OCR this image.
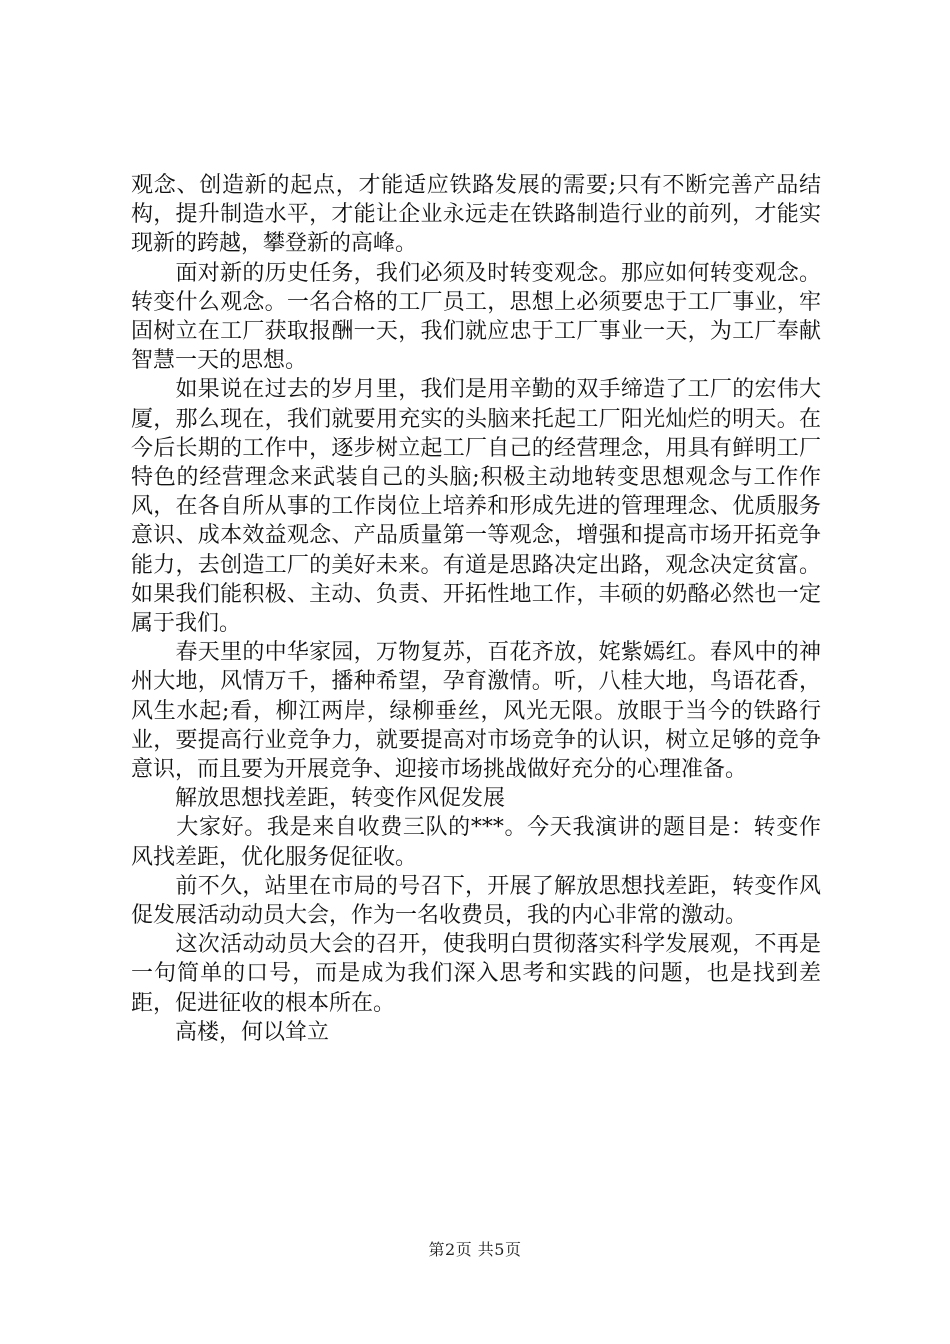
观念、创造新的起点，才能适应铁路发展的需要;只有不断完善产品结构，提升制造水平，才能让企业永远走在铁路制造行业的前列，才能实现新的跨越，攀登新的高峰。

　　面对新的历史任务，我们必须及时转变观念。那应如何转变观念。转变什么观念。一名合格的工厂员工，思想上必须要忠于工厂事业，牢固树立在工厂获取报酬一天，我们就应忠于工厂事业一天，为工厂奉献智慧一天的思想。

　　如果说在过去的岁月里，我们是用辛勤的双手缔造了工厂的宏伟大厦，那么现在，我们就要用充实的头脑来托起工厂阳光灿烂的明天。在今后长期的工作中，逐步树立起工厂自己的经营理念，用具有鲜明工厂特色的经营理念来武装自己的头脑;积极主动地转变思想观念与工作作风，在各自所从事的工作岗位上培养和形成先进的管理理念、优质服务意识、成本效益观念、产品质量第一等观念，增强和提高市场开拓竞争能力，去创造工厂的美好未来。有道是思路决定出路，观念决定贫富。如果我们能积极、主动、负责、开拓性地工作，丰硕的奶酪必然也一定属于我们。

　　春天里的中华家园，万物复苏，百花齐放，姹紫嫣红。春风中的神州大地，风情万千，播种希望，孕育激情。听，八桂大地，鸟语花香，风生水起;看，柳江两岸，绿柳垂丝，风光无限。放眼于当今的铁路行业，要提高行业竞争力，就要提高对市场竞争的认识，树立足够的竞争意识，而且要为开展竞争、迎接市场挑战做好充分的心理准备。

　　解放思想找差距，转变作风促发展

　　大家好。我是来自收费三队的***。今天我演讲的题目是：转变作风找差距，优化服务促征收。

　　前不久，站里在市局的号召下，开展了解放思想找差距，转变作风促发展活动动员大会，作为一名收费员，我的内心非常的激动。

　　这次活动动员大会的召开，使我明白贯彻落实科学发展观，不再是一句简单的口号，而是成为我们深入思考和实践的问题，也是找到差距，促进征收的根本所在。

　　高楼，何以耸立

第2页 共5页
